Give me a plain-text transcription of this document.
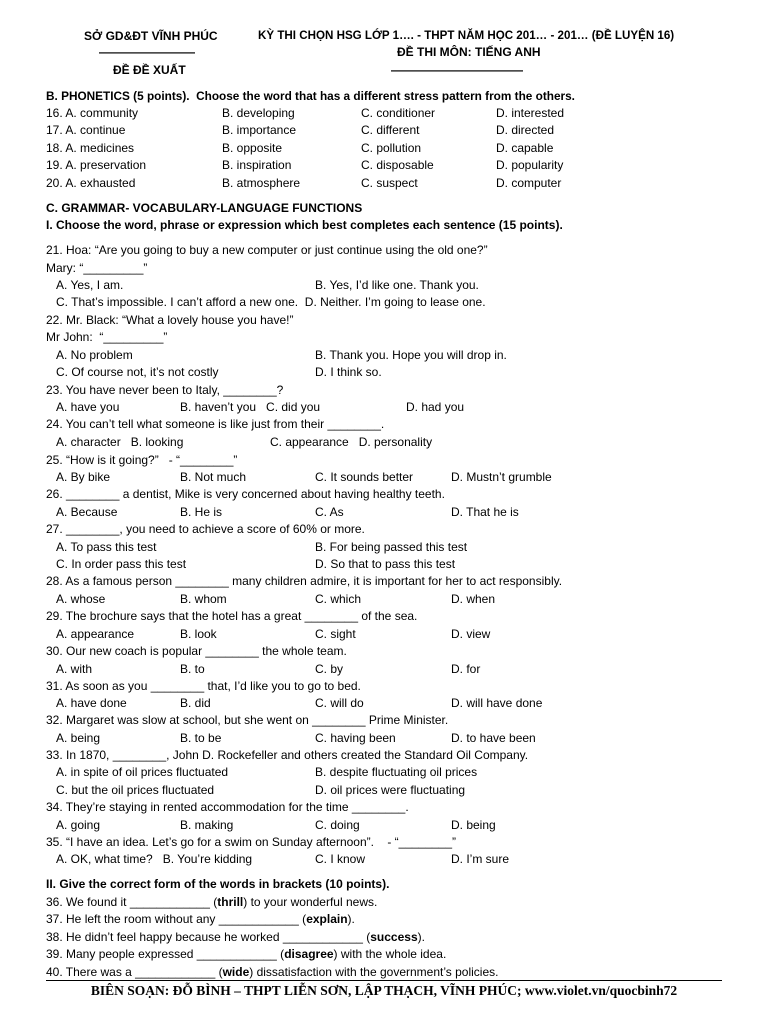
SỞ GD&ĐT VĨNH PHÚC
————————
ĐỀ ĐỀ XUẤT
KỲ THI CHỌN HSG LỚP 1…. - THPT NĂM HỌC 201… - 201… (ĐỀ LUYỆN 16)
ĐỀ THI MÔN: TIẾNG ANH
———————————
B. PHONETICS (5 points).  Choose the word that has a different stress pattern from the others.
16. A. community	B. developing	C. conditioner	D. interested
17. A. continue	B. importance	C. different	D. directed
18. A. medicines	B. opposite	C. pollution	D. capable
19. A. preservation	B. inspiration	C. disposable	D. popularity
20. A. exhausted	B. atmosphere	C. suspect	D. computer
C. GRAMMAR- VOCABULARY-LANGUAGE FUNCTIONS
I. Choose the word, phrase or expression which best completes each sentence (15 points).
21. Hoa: “Are you going to buy a new computer or just continue using the old one?”
Mary: “_________”
A. Yes, I am.	B. Yes, I’d like one. Thank you.
C. That’s impossible. I can’t afford a new one.  D. Neither. I’m going to lease one.
22. Mr. Black: “What a lovely house you have!”
Mr John:  “_________”
A. No problem	B. Thank you. Hope you will drop in.
C. Of course not, it’s not costly	D. I think so.
23. You have never been to Italy, ________?
A. have you	B. haven’t you   C. did you	D. had you
24. You can’t tell what someone is like just from their ________.
A. character   B. looking	C. appearance   D. personality
25. “How is it going?”   - “________”
A. By bike	B. Not much	C. It sounds better	D. Mustn’t grumble
26. ________ a dentist, Mike is very concerned about having healthy teeth.
A. Because	B. He is	C. As	D. That he is
27. ________, you need to achieve a score of 60% or more.
A. To pass this test	B. For being passed this test
C. In order pass this test	D. So that to pass this test
28. As a famous person ________ many children admire, it is important for her to act responsibly.
A. whose	B. whom	C. which	D. when
29. The brochure says that the hotel has a great ________ of the sea.
A. appearance	B. look	C. sight	D. view
30. Our new coach is popular ________ the whole team.
A. with	B. to	C. by	D. for
31. As soon as you ________ that, I’d like you to go to bed.
A. have done	B. did	C. will do	D. will have done
32. Margaret was slow at school, but she went on ________ Prime Minister.
A. being	B. to be	C. having been	D. to have been
33. In 1870, ________, John D. Rockefeller and others created the Standard Oil Company.
A. in spite of oil prices fluctuated	B. despite fluctuating oil prices
C. but the oil prices fluctuated	D. oil prices were fluctuating
34. They’re staying in rented accommodation for the time ________.
A. going	B. making	C. doing	D. being
35. “I have an idea. Let’s go for a swim on Sunday afternoon”.    - “________”
A. OK, what time?   B. You’re kidding	C. I know	D. I’m sure
II. Give the correct form of the words in brackets (10 points).
36. We found it ____________ (thrill) to your wonderful news.
37. He left the room without any ____________ (explain).
38. He didn’t feel happy because he worked ____________ (success).
39. Many people expressed ____________ (disagree) with the whole idea.
40. There was a ____________ (wide) dissatisfaction with the government’s policies.
BIÊN SOẠN: ĐỖ BÌNH – THPT LIỄN SƠN, LẬP THẠCH, VĨNH PHÚC; www.violet.vn/quocbinh72
